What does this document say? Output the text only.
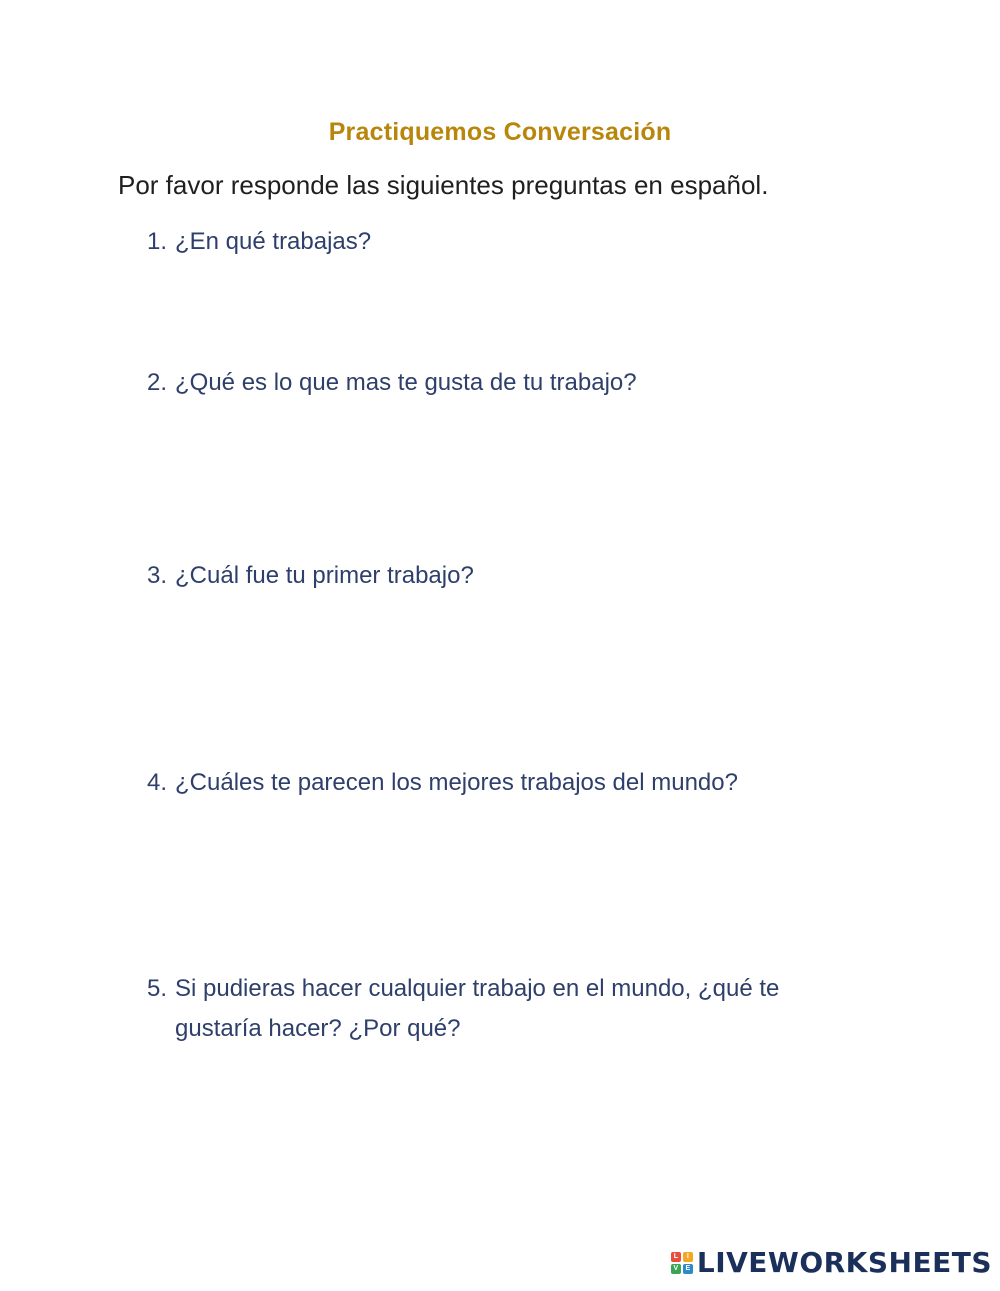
Practiquemos Conversación
Por favor responde las siguientes preguntas en español.
1. ¿En qué trabajas?
2. ¿Qué es lo que mas te gusta de tu trabajo?
3. ¿Cuál fue tu primer trabajo?
4. ¿Cuáles te parecen los mejores trabajos del mundo?
5. Si pudieras hacer cualquier trabajo en el mundo, ¿qué te gustaría hacer? ¿Por qué?
L	I
V	E LIVEWORKSHEETS
